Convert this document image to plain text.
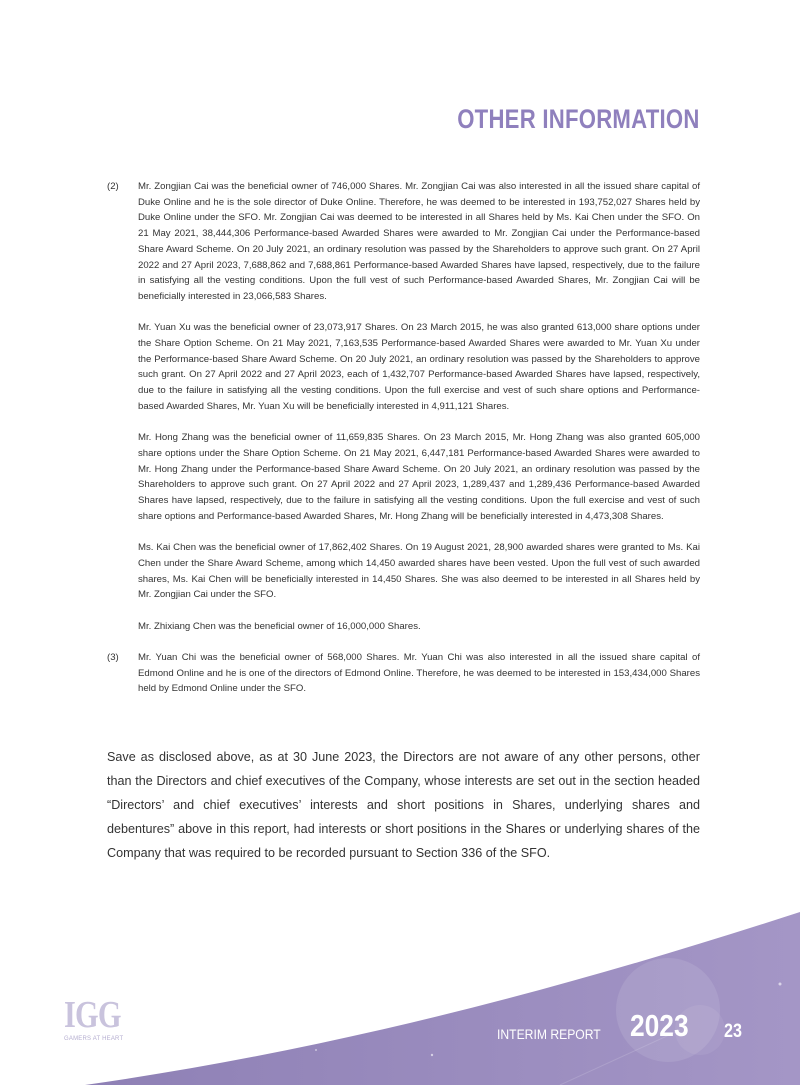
OTHER INFORMATION
(2)	Mr. Zongjian Cai was the beneficial owner of 746,000 Shares. Mr. Zongjian Cai was also interested in all the issued share capital of Duke Online and he is the sole director of Duke Online. Therefore, he was deemed to be interested in 193,752,027 Shares held by Duke Online under the SFO. Mr. Zongjian Cai was deemed to be interested in all Shares held by Ms. Kai Chen under the SFO. On 21 May 2021, 38,444,306 Performance-based Awarded Shares were awarded to Mr. Zongjian Cai under the Performance-based Share Award Scheme. On 20 July 2021, an ordinary resolution was passed by the Shareholders to approve such grant. On 27 April 2022 and 27 April 2023, 7,688,862 and 7,688,861 Performance-based Awarded Shares have lapsed, respectively, due to the failure in satisfying all the vesting conditions. Upon the full vest of such Performance-based Awarded Shares, Mr. Zongjian Cai will be beneficially interested in 23,066,583 Shares.

Mr. Yuan Xu was the beneficial owner of 23,073,917 Shares. On 23 March 2015, he was also granted 613,000 share options under the Share Option Scheme. On 21 May 2021, 7,163,535 Performance-based Awarded Shares were awarded to Mr. Yuan Xu under the Performance-based Share Award Scheme. On 20 July 2021, an ordinary resolution was passed by the Shareholders to approve such grant. On 27 April 2022 and 27 April 2023, each of 1,432,707 Performance-based Awarded Shares have lapsed, respectively, due to the failure in satisfying all the vesting conditions. Upon the full exercise and vest of such share options and Performance-based Awarded Shares, Mr. Yuan Xu will be beneficially interested in 4,911,121 Shares.

Mr. Hong Zhang was the beneficial owner of 11,659,835 Shares. On 23 March 2015, Mr. Hong Zhang was also granted 605,000 share options under the Share Option Scheme. On 21 May 2021, 6,447,181 Performance-based Awarded Shares were awarded to Mr. Hong Zhang under the Performance-based Share Award Scheme. On 20 July 2021, an ordinary resolution was passed by the Shareholders to approve such grant. On 27 April 2022 and 27 April 2023, 1,289,437 and 1,289,436 Performance-based Awarded Shares have lapsed, respectively, due to the failure in satisfying all the vesting conditions. Upon the full exercise and vest of such share options and Performance-based Awarded Shares, Mr. Hong Zhang will be beneficially interested in 4,473,308 Shares.

Ms. Kai Chen was the beneficial owner of 17,862,402 Shares. On 19 August 2021, 28,900 awarded shares were granted to Ms. Kai Chen under the Share Award Scheme, among which 14,450 awarded shares have been vested. Upon the full vest of such awarded shares, Ms. Kai Chen will be beneficially interested in 14,450 Shares. She was also deemed to be interested in all Shares held by Mr. Zongjian Cai under the SFO.

Mr. Zhixiang Chen was the beneficial owner of 16,000,000 Shares.

(3)	Mr. Yuan Chi was the beneficial owner of 568,000 Shares. Mr. Yuan Chi was also interested in all the issued share capital of Edmond Online and he is one of the directors of Edmond Online. Therefore, he was deemed to be interested in 153,434,000 Shares held by Edmond Online under the SFO.

Save as disclosed above, as at 30 June 2023, the Directors are not aware of any other persons, other than the Directors and chief executives of the Company, whose interests are set out in the section headed “Directors’ and chief executives’ interests and short positions in Shares, underlying shares and debentures” above in this report, had interests or short positions in the Shares or underlying shares of the Company that was required to be recorded pursuant to Section 336 of the SFO.

IGG
GAMERS AT HEART	INTERIM REPORT 2023 23
